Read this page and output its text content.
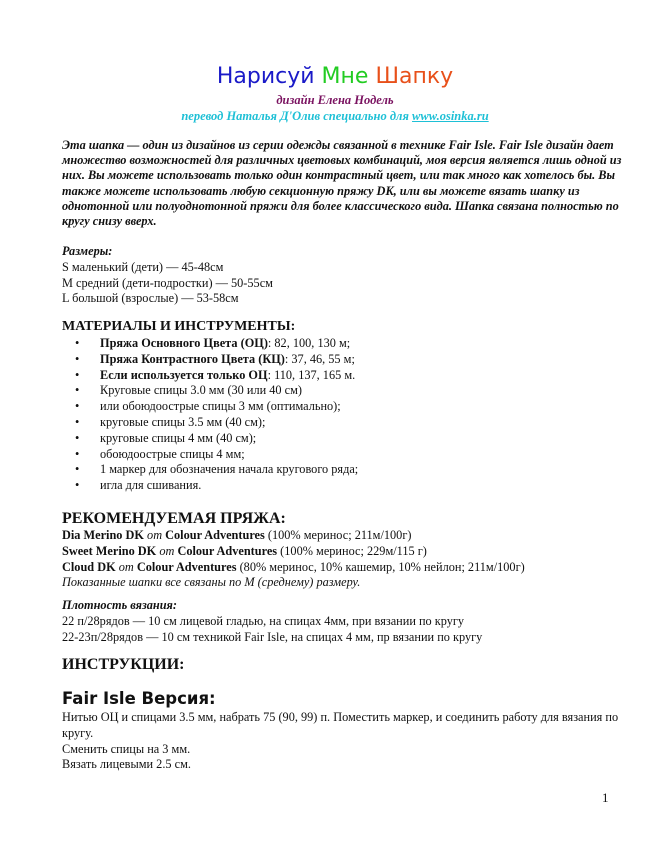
Нарисуй Мне Шапку
дизайн Елена Нодель
перевод Наталья Д'Олив специально для www.osinka.ru
Эта шапка — один из дизайнов из серии одежды связанной в технике Fair Isle. Fair Isle дизайн дает множество возможностей для различных цветовых комбинаций, моя версия является лишь одной из них. Вы можете использовать только один контрастный цвет, или так много как хотелось бы. Вы также можете использовать любую секционную пряжу DK, или вы можете вязать шапку из однотонной или полуоднотонной пряжи для более классического вида. Шапка связана полностью по кругу снизу вверх.
Размеры:
S маленький (дети) — 45-48см
M средний (дети-подростки) — 50-55см
L большой (взрослые) — 53-58см
МАТЕРИАЛЫ И ИНСТРУМЕНТЫ:
• Пряжа Основного Цвета (ОЦ): 82, 100, 130 м;
• Пряжа Контрастного Цвета (КЦ): 37, 46, 55 м;
• Если используется только ОЦ: 110, 137, 165 м.
• Круговые спицы 3.0 мм (30 или 40 см)
• или обоюдоострые спицы 3 мм (оптимально);
• круговые спицы 3.5 мм (40 см);
• круговые спицы 4 мм (40 см);
• обоюдоострые спицы 4 мм;
• 1 маркер для обозначения начала кругового ряда;
• игла для сшивания.
РЕКОМЕНДУЕМАЯ ПРЯЖА:
Dia Merino DK от Colour Adventures (100% меринос; 211м/100г)
Sweet Merino DK от Colour Adventures (100% меринос; 229м/115 г)
Cloud DK от Colour Adventures (80% меринос, 10% кашемир, 10% нейлон; 211м/100г)
Показанные шапки все связаны по М (среднему) размеру.
Плотность вязания:
22 п/28рядов — 10 см лицевой гладью, на спицах 4мм, при вязании по кругу
22-23п/28рядов — 10 см техникой Fair Isle, на спицах 4 мм, пр вязании по кругу
ИНСТРУКЦИИ:
Fair Isle Версия:
Нитью ОЦ и спицами 3.5 мм, набрать 75 (90, 99) п. Поместить маркер, и соединить работу для вязания по кругу.
Сменить спицы на 3 мм.
Вязать лицевыми 2.5 см.
1
